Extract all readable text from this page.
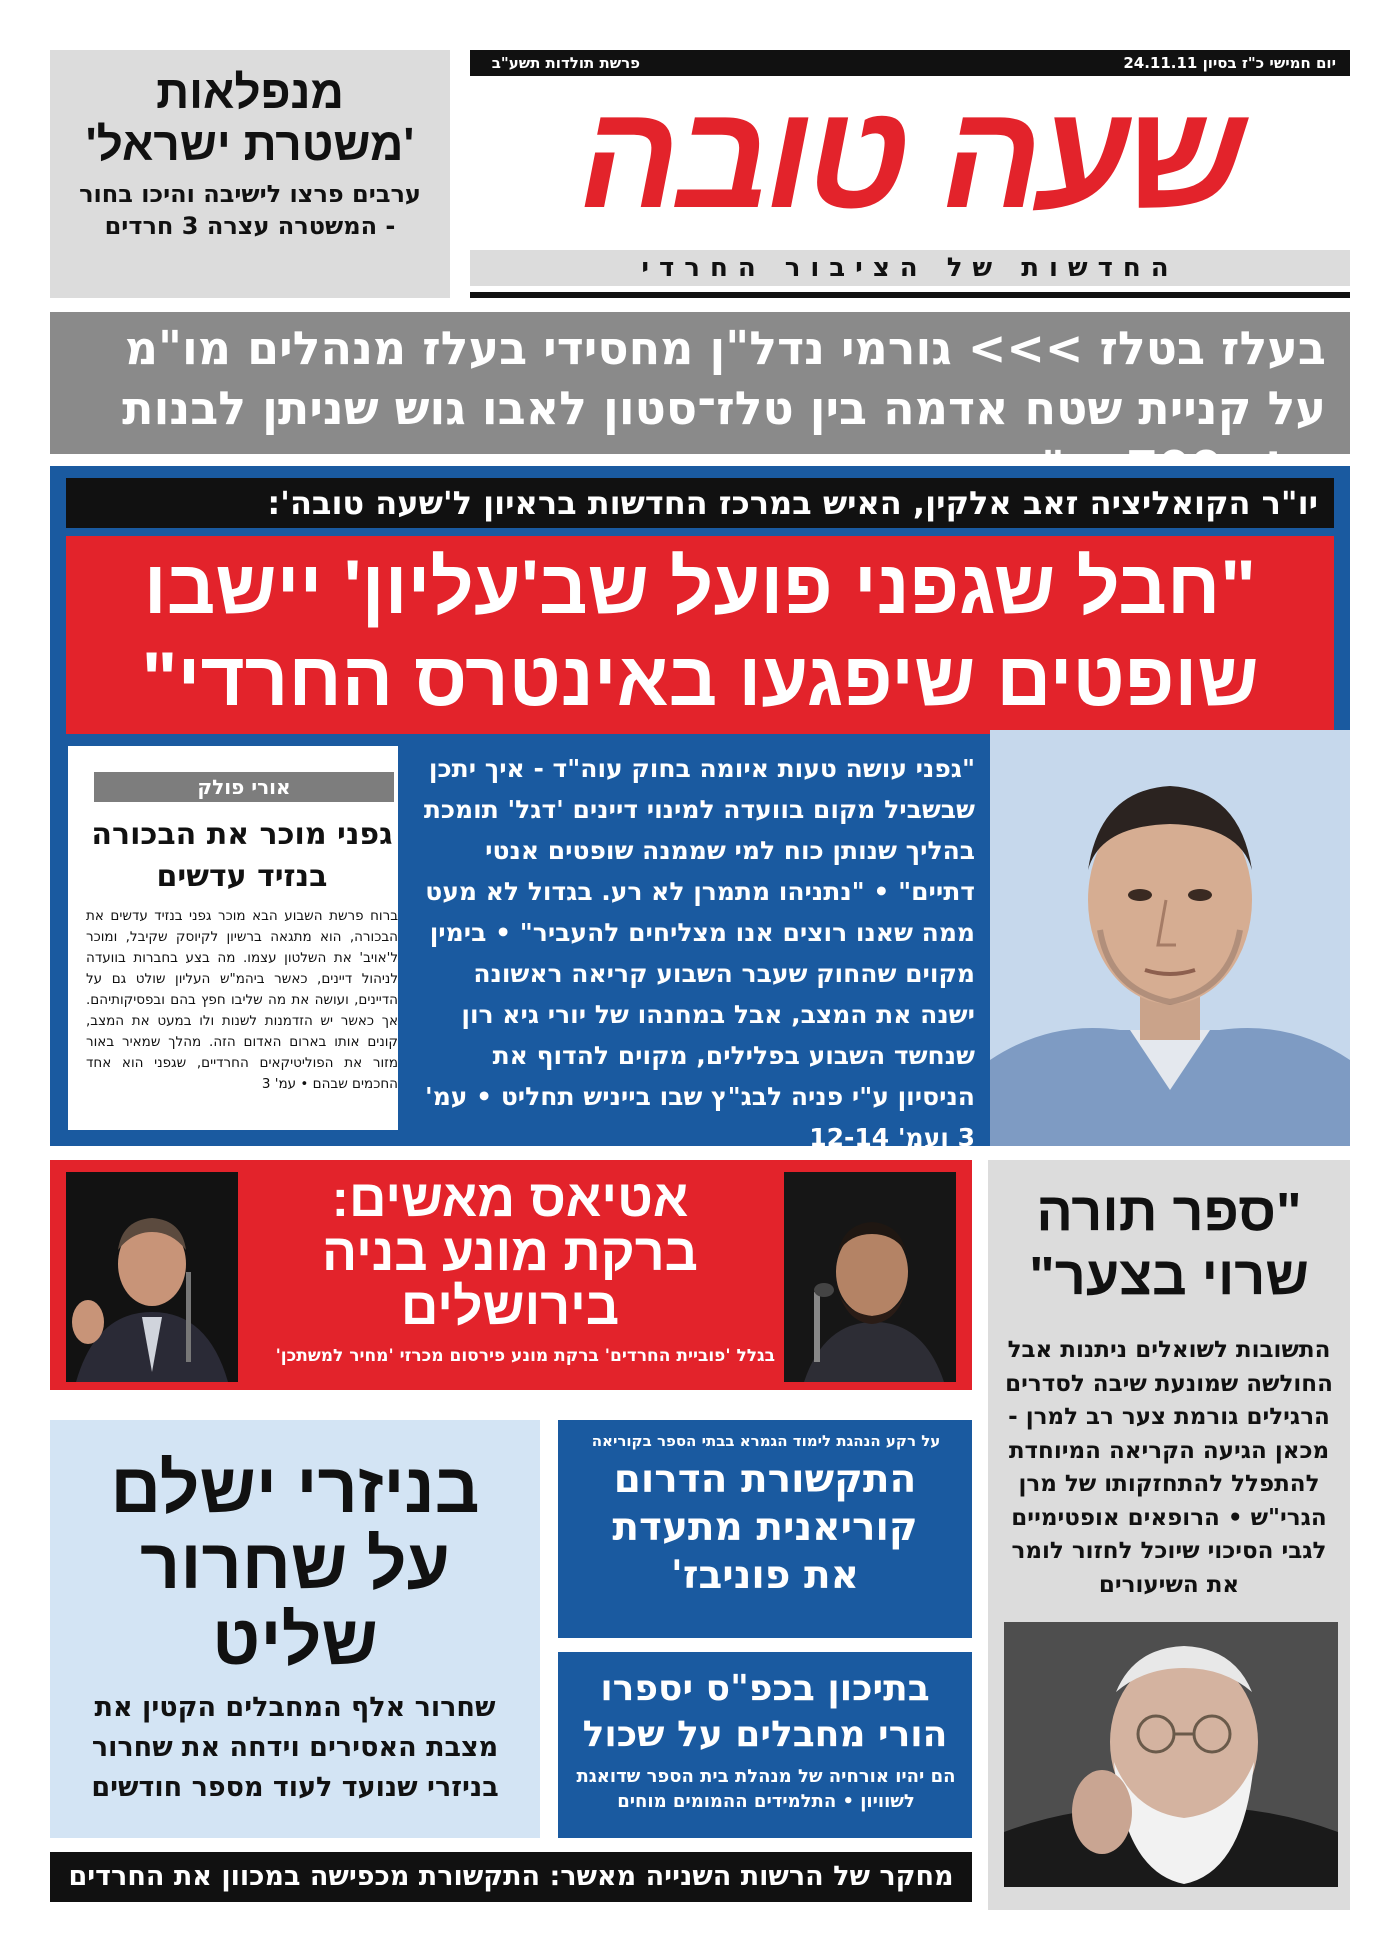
יום חמישי כ"ז בסיון 24.11.11
פרשת תולדות תשע"ב
שעה טובה
החדשות של הציבור החרדי
מנפלאות
'משטרת ישראל'
ערבים פרצו לישיבה והיכו בחור - המשטרה עצרה 3 חרדים
בעלז בטלז >>> גורמי נדל"ן מחסידי בעלז מנהלים מו"מ על קניית שטח אדמה בין טלז־סטון לאבו גוש שניתן לבנות
יו"ר הקואליציה זאב אלקין, האיש במרכז החדשות בראיון ל'שעה טובה':
"חבל שגפני פועל שב'עליון' יישבו
שופטים שיפגעו באינטרס החרדי"
"גפני עושה טעות איומה בחוק עוה"ד - איך יתכן שבשביל מקום בוועדה למינוי דיינים 'דגל' תומכת בהליך שנותן כוח למי שממנה שופטים אנטי דתיים" • "נתניהו מתמרן לא רע. בגדול לא מעט ממה שאנו רוצים אנו מצליחים להעביר" • בימין מקוים שהחוק שעבר השבוע קריאה ראשונה ישנה את המצב, אבל במחנהו של יורי גיא רון שנחשד השבוע בפלילים, מקוים להדוף את הניסיון ע"י פניה לבג"ץ שבו בייניש תחליט • עמ' 3 ועמ' 12-14
אורי פולק
גפני מוכר את הבכורה
בנזיד עדשים
ברוח פרשת השבוע הבא מוכר גפני בנזיד עדשים את הבכורה, הוא מתגאה ברשיון לקיוסק שקיבל, ומוכר ל'אויב' את השלטון עצמו. מה בצע בחברות בוועדה לניהול דיינים, כאשר ביהמ"ש העליון שולט גם על הדיינים, ועושה את מה שליבו חפץ בהם ובפסיקותיהם. אך כאשר יש הזדמנות לשנות ולו במעט את המצב, קונים אותו בארום האדום הזה. מהלך שמאיר באור מזור את הפוליטיקאים החרדיים, שגפני הוא אחד החכמים שבהם • עמ' 3
אטיאס מאשים:
ברקת מונע בניה
בירושלים
בגלל 'פוביית החרדים' ברקת מונע פירסום מכרזי 'מחיר למשתכן'
"ספר תורה
שרוי בצער"
התשובות לשואלים ניתנות אבל החולשה שמונעת שיבה לסדרים הרגילים גורמת צער רב למרן - מכאן הגיעה הקריאה המיוחדת להתפלל להתחזקותו של מרן הגרי"ש • הרופאים אופטימיים לגבי הסיכוי שיוכל לחזור לומר את השיעורים
בניזרי ישלם
על שחרור
שליט
שחרור אלף המחבלים הקטין את מצבת האסירים וידחה את שחרור בניזרי שנועד לעוד מספר חודשים
על רקע הנהגת לימוד הגמרא בבתי הספר בקוריאה
התקשורת הדרום
קוריאנית מתעדת
את פוניבז'
בתיכון בכפ"ס יספרו
הורי מחבלים על שכול
הם יהיו אורחיה של מנהלת בית הספר שדואגת לשוויון • התלמידים ההמומים מוחים
מחקר של הרשות השנייה מאשר: התקשורת מכפישה במכוון את החרדים
